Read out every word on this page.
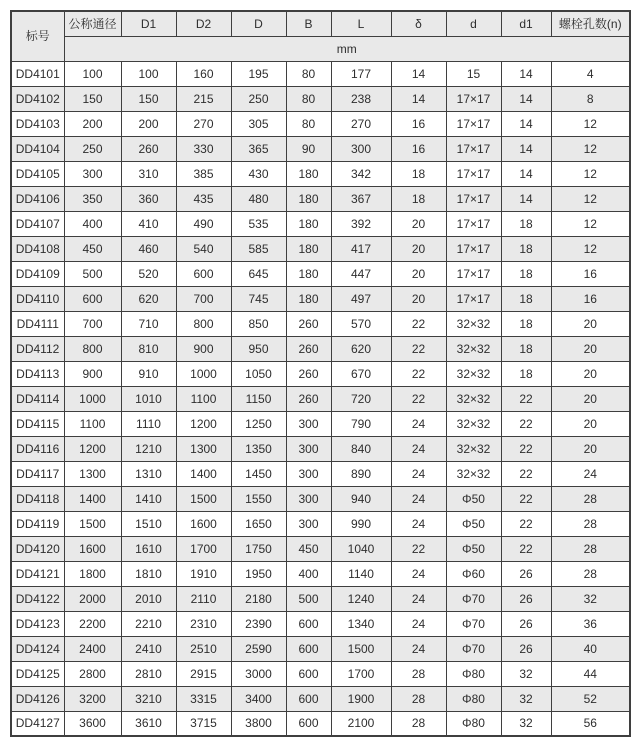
标号	公称通径	D1	D2	D	B	L	δ	d	d1	螺栓孔数(n)
	mm									
DD4101	100	100	160	195	80	177	14	15	14	4
DD4102	150	150	215	250	80	238	14	17×17	14	8
DD4103	200	200	270	305	80	270	16	17×17	14	12
DD4104	250	260	330	365	90	300	16	17×17	14	12
DD4105	300	310	385	430	180	342	18	17×17	14	12
DD4106	350	360	435	480	180	367	18	17×17	14	12
DD4107	400	410	490	535	180	392	20	17×17	18	12
DD4108	450	460	540	585	180	417	20	17×17	18	12
DD4109	500	520	600	645	180	447	20	17×17	18	16
DD4110	600	620	700	745	180	497	20	17×17	18	16
DD4111	700	710	800	850	260	570	22	32×32	18	20
DD4112	800	810	900	950	260	620	22	32×32	18	20
DD4113	900	910	1000	1050	260	670	22	32×32	18	20
DD4114	1000	1010	1100	1150	260	720	22	32×32	22	20
DD4115	1100	1110	1200	1250	300	790	24	32×32	22	20
DD4116	1200	1210	1300	1350	300	840	24	32×32	22	20
DD4117	1300	1310	1400	1450	300	890	24	32×32	22	24
DD4118	1400	1410	1500	1550	300	940	24	Φ50	22	28
DD4119	1500	1510	1600	1650	300	990	24	Φ50	22	28
DD4120	1600	1610	1700	1750	450	1040	22	Φ50	22	28
DD4121	1800	1810	1910	1950	400	1140	24	Φ60	26	28
DD4122	2000	2010	2110	2180	500	1240	24	Φ70	26	32
DD4123	2200	2210	2310	2390	600	1340	24	Φ70	26	36
DD4124	2400	2410	2510	2590	600	1500	24	Φ70	26	40
DD4125	2800	2810	2915	3000	600	1700	28	Φ80	32	44
DD4126	3200	3210	3315	3400	600	1900	28	Φ80	32	52
DD4127	3600	3610	3715	3800	600	2100	28	Φ80	32	56
